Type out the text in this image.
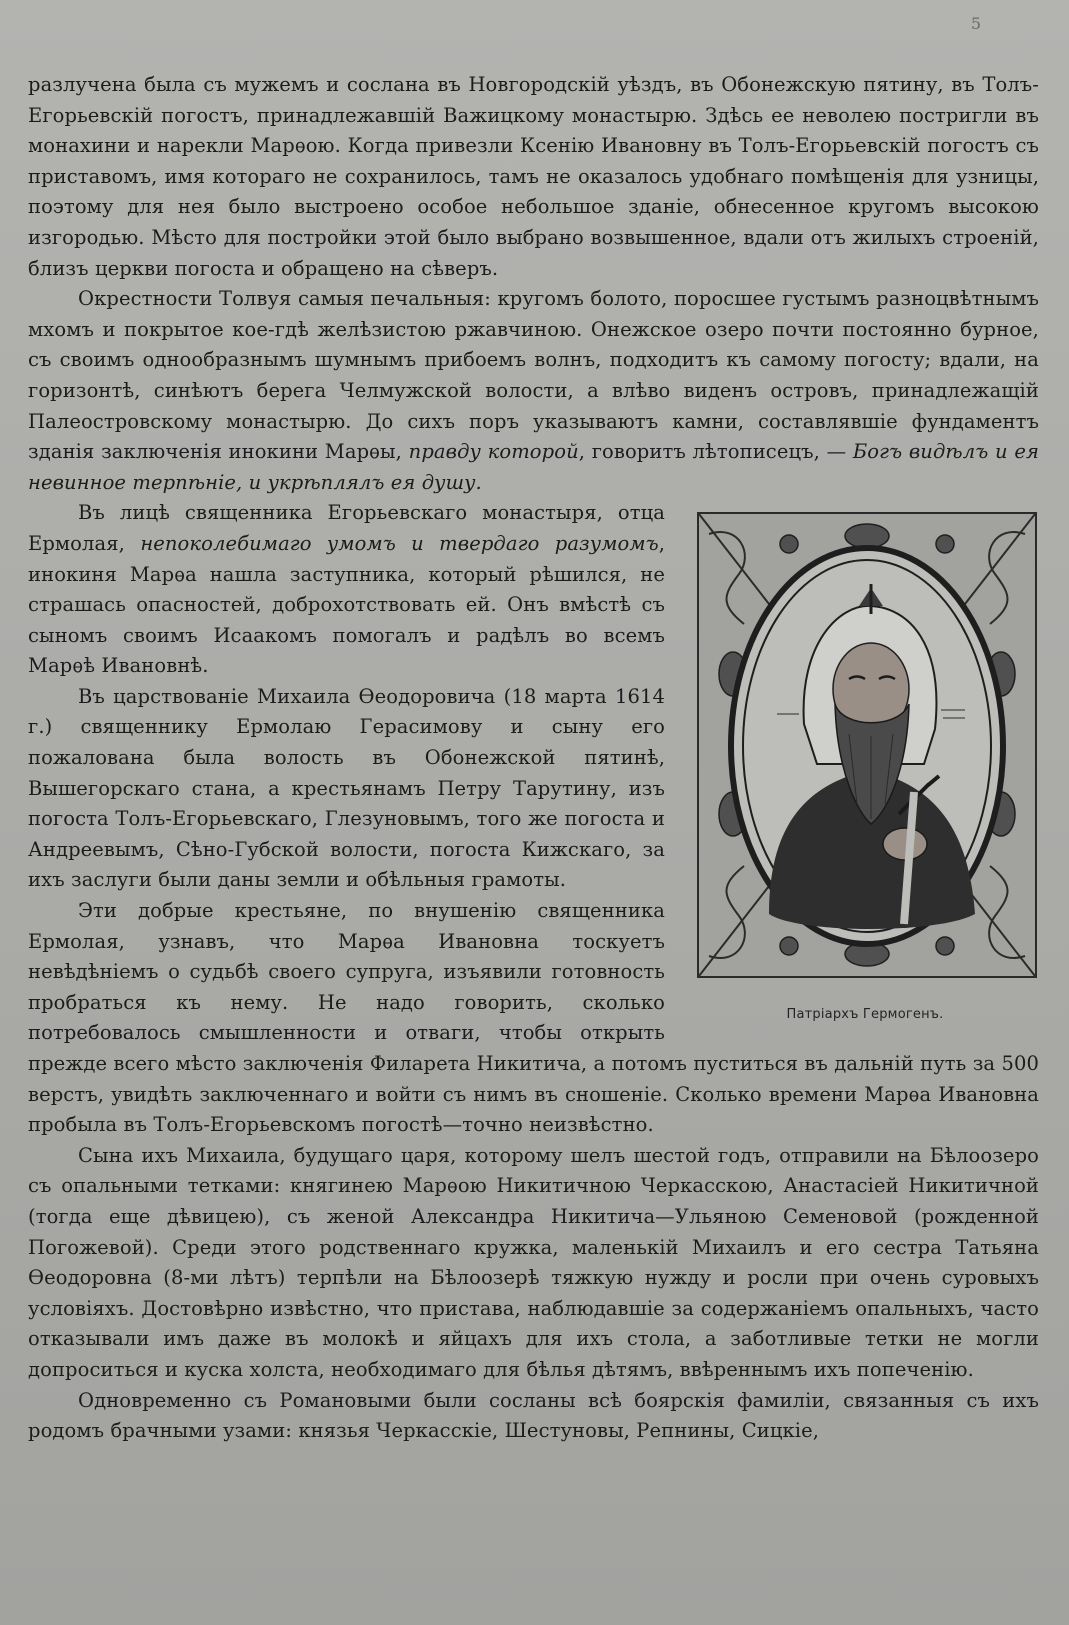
5

разлучена была съ мужемъ и сослана въ Новгородскiй уѣздъ, въ Обонежскую пятину, въ Толъ-Егорьевскiй погостъ, принадлежавшiй Важицкому монастырю. Здѣсь ее неволею постригли въ монахини и нарекли Марѳою. Когда привезли Ксенiю Ивановну въ Толъ-Егорьевскiй погостъ съ приставомъ, имя котораго не сохранилось, тамъ не оказалось удобнаго помѣщенiя для узницы, поэтому для нея было выстроено особое небольшое зданiе, обнесенное кругомъ высокою изгородью. Мѣсто для постройки этой было выбрано возвышенное, вдали отъ жилыхъ строенiй, близъ церкви погоста и обращено на сѣверъ.

Окрестности Толвуя самыя печальныя: кругомъ болото, поросшее густымъ разноцвѣтнымъ мхомъ и покрытое кое-гдѣ желѣзистою ржавчиною. Онежское озеро почти постоянно бурное, съ своимъ однообразнымъ шумнымъ прибоемъ волнъ, подходитъ къ самому погосту; вдали, на горизонтѣ, синѣютъ берега Челмужской волости, а влѣво виденъ островъ, принадлежащiй Палеостровскому монастырю. До сихъ поръ указываютъ камни, составлявшiе фундаментъ зданiя заключенiя инокини Марѳы, правду которой, говоритъ лѣтописецъ, — Богъ видѣлъ и ея невинное терпѣнiе, и укрѣплялъ ея душу.

Патрiархъ Гермогенъ.

Въ лицѣ священника Егорьевскаго монастыря, отца Ермолая, непоколебимаго умомъ и твердаго разумомъ, инокиня Марѳа нашла заступника, который рѣшился, не страшась опасностей, доброхотствовать ей. Онъ вмѣстѣ съ сыномъ своимъ Исаакомъ помогалъ и радѣлъ во всемъ Марѳѣ Ивановнѣ.

Въ царствованiе Михаила Ѳеодоровича (18 марта 1614 г.) священнику Ермолаю Герасимову и сыну его пожалована была волость въ Обонежской пятинѣ, Вышегорскаго стана, а крестьянамъ Петру Тарутину, изъ погоста Толъ-Егорьевскаго, Глезуновымъ, того же погоста и Андреевымъ, Сѣно-Губской волости, погоста Кижскаго, за ихъ заслуги были даны земли и обѣльныя грамоты.

Эти добрые крестьяне, по внушенiю священника Ермолая, узнавъ, что Марѳа Ивановна тоскуетъ невѣдѣнiемъ о судьбѣ своего супруга, изъявили готовность пробраться къ нему. Не надо говорить, сколько потребовалось смышленности и отваги, чтобы открыть прежде всего мѣсто заключенiя Филарета Никитича, а потомъ пуститься въ дальнiй путь за 500 верстъ, увидѣть заключеннаго и войти съ нимъ въ сношенiе. Сколько времени Марѳа Ивановна пробыла въ Толъ-Егорьевскомъ погостѣ—точно неизвѣстно.

Сына ихъ Михаила, будущаго царя, которому шелъ шестой годъ, отправили на Бѣлоозеро съ опальными тетками: княгинею Марѳою Никитичною Черкасскою, Анастасiей Никитичной (тогда еще дѣвицею), съ женой Александра Никитича—Ульяною Семеновой (рожденной Погожевой). Среди этого родственнаго кружка, маленькiй Михаилъ и его сестра Татьяна Ѳеодоровна (8-ми лѣтъ) терпѣли на Бѣлоозерѣ тяжкую нужду и росли при очень суровыхъ условiяхъ. Достовѣрно извѣстно, что пристава, наблюдавшiе за содержанiемъ опальныхъ, часто отказывали имъ даже въ молокѣ и яйцахъ для ихъ стола, а заботливые тетки не могли допроситься и куска холста, необходимаго для бѣлья дѣтямъ, ввѣреннымъ ихъ попеченiю.

Одновременно съ Романовыми были сосланы всѣ боярскiя фамилiи, связанныя съ ихъ родомъ брачными узами: князья Черкасскiе, Шестуновы, Репнины, Сицкiе,
